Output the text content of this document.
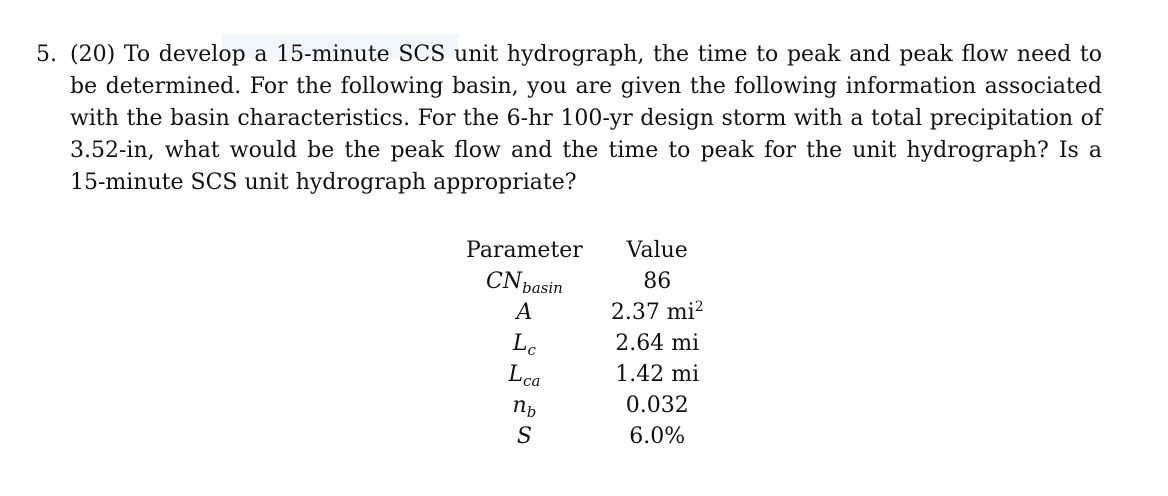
5. (20) To develop a 15-minute SCS unit hydrograph, the time to peak and peak flow need to
be determined. For the following basin, you are given the following information associated
with the basin characteristics. For the 6-hr 100-yr design storm with a total precipitation of
3.52-in, what would be the peak flow and the time to peak for the unit hydrograph? Is a
15-minute SCS unit hydrograph appropriate?
Parameter	Value
$CN_{basin}$	86
A	2.37 $mi^2$
$L_c$	2.64 mi
$L_{ca}$	1.42 mi
$n_b$	0.032
S	6.0%
